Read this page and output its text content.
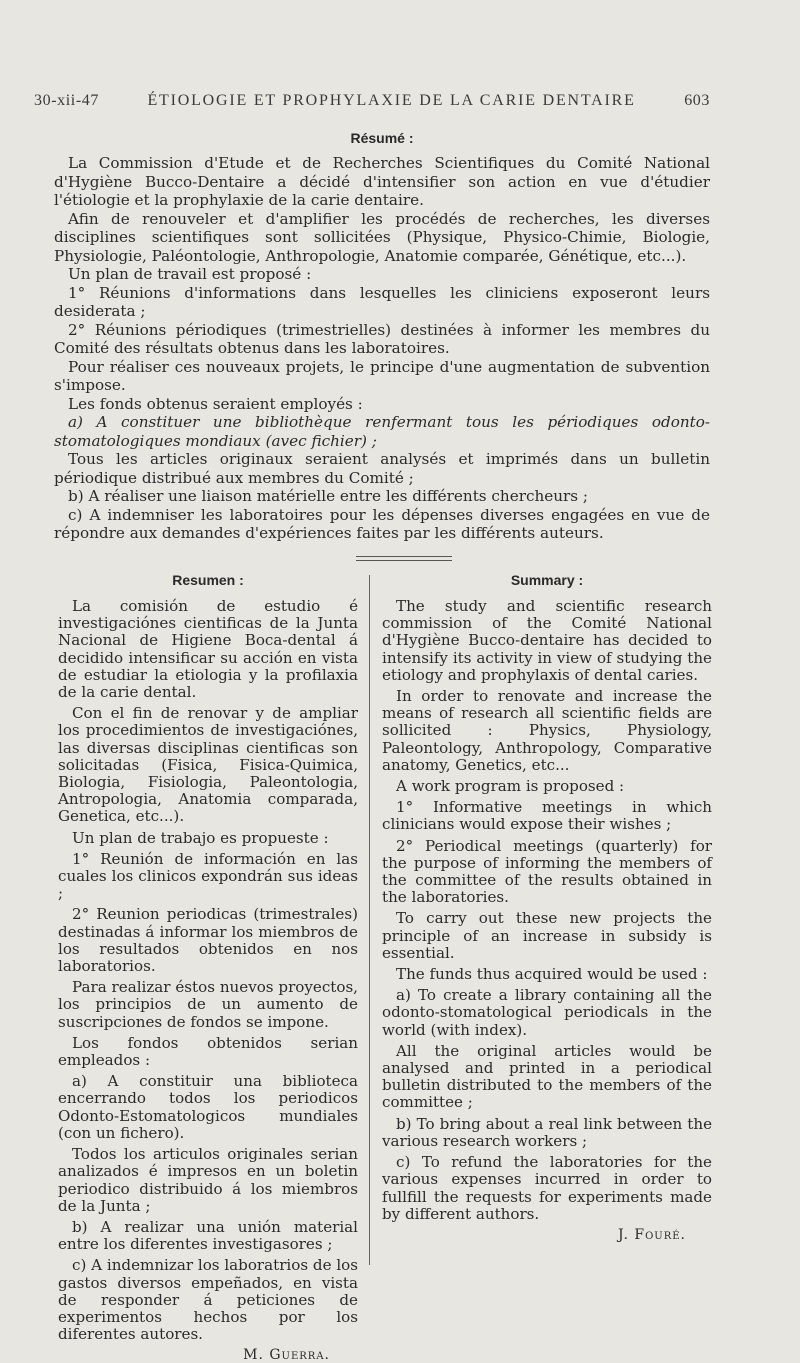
30-xii-47	ÉTIOLOGIE ET PROPHYLAXIE DE LA CARIE DENTAIRE	603
Résumé :

La Commission d'Etude et de Recherches Scientifiques du Comité National d'Hygiène Bucco-Dentaire a décidé d'intensifier son action en vue d'étudier l'étiologie et la prophylaxie de la carie dentaire.

Afin de renouveler et d'amplifier les procédés de recherches, les diverses disciplines scientifiques sont sollicitées (Physique, Physico-Chimie, Biologie, Physiologie, Paléontologie, Anthropologie, Anatomie comparée, Génétique, etc...).

Un plan de travail est proposé :

1° Réunions d'informations dans lesquelles les cliniciens exposeront leurs desiderata ;

2° Réunions périodiques (trimestrielles) destinées à informer les membres du Comité des résultats obtenus dans les laboratoires.

Pour réaliser ces nouveaux projets, le principe d'une augmentation de subvention s'impose.

Les fonds obtenus seraient employés :

a) A constituer une bibliothèque renfermant tous les périodiques odonto-stomatologiques mondiaux (avec fichier) ;

Tous les articles originaux seraient analysés et imprimés dans un bulletin périodique distribué aux membres du Comité ;

b) A réaliser une liaison matérielle entre les différents chercheurs ;

c) A indemniser les laboratoires pour les dépenses diverses engagées en vue de répondre aux demandes d'expériences faites par les différents auteurs.

Resumen :

La comisión de estudio é investigaciónes cientificas de la Junta Nacional de Higiene Boca-dental á decidido intensificar su acción en vista de estudiar la etiologia y la profilaxia de la carie dental.

Con el fin de renovar y de ampliar los procedimientos de investigaciónes, las diversas disciplinas cientificas son solicitadas (Fisica, Fisica-Quimica, Biologia, Fisiologia, Paleontologia, Antropologia, Anatomia comparada, Genetica, etc...).

Un plan de trabajo es propueste :

1° Reunión de información en las cuales los clinicos expondrán sus ideas ;

2° Reunion periodicas (trimestrales) destinadas á informar los miembros de los resultados obtenidos en nos laboratorios.

Para realizar éstos nuevos proyectos, los principios de un aumento de suscripciones de fondos se impone.

Los fondos obtenidos serian empleados :

a) A constituir una biblioteca encerrando todos los periodicos Odonto-Estomatologicos mundiales (con un fichero).

Todos los articulos originales serian analizados é impresos en un boletin periodico distribuido á los miembros de la Junta ;

b) A realizar una unión material entre los diferentes investigasores ;

c) A indemnizar los laboratrios de los gastos diversos empeñados, en vista de responder á peticiones de experimentos hechos por los diferentes autores.

M. Guerra.
Summary :

The study and scientific research commission of the Comité National d'Hygiène Bucco-dentaire has decided to intensify its activity in view of studying the etiology and prophylaxis of dental caries.

In order to renovate and increase the means of research all scientific fields are sollicited : Physics, Physiology, Paleontology, Anthropology, Comparative anatomy, Genetics, etc...

A work program is proposed :

1° Informative meetings in which clinicians would expose their wishes ;

2° Periodical meetings (quarterly) for the purpose of informing the members of the committee of the results obtained in the laboratories.

To carry out these new projects the principle of an increase in subsidy is essential.

The funds thus acquired would be used :

a) To create a library containing all the odonto-stomatological periodicals in the world (with index).

All the original articles would be analysed and printed in a periodical bulletin distributed to the members of the committee ;

b) To bring about a real link between the various research workers ;

c) To refund the laboratories for the various expenses incurred in order to fullfill the requests for experiments made by different authors.

J. Fouré.
